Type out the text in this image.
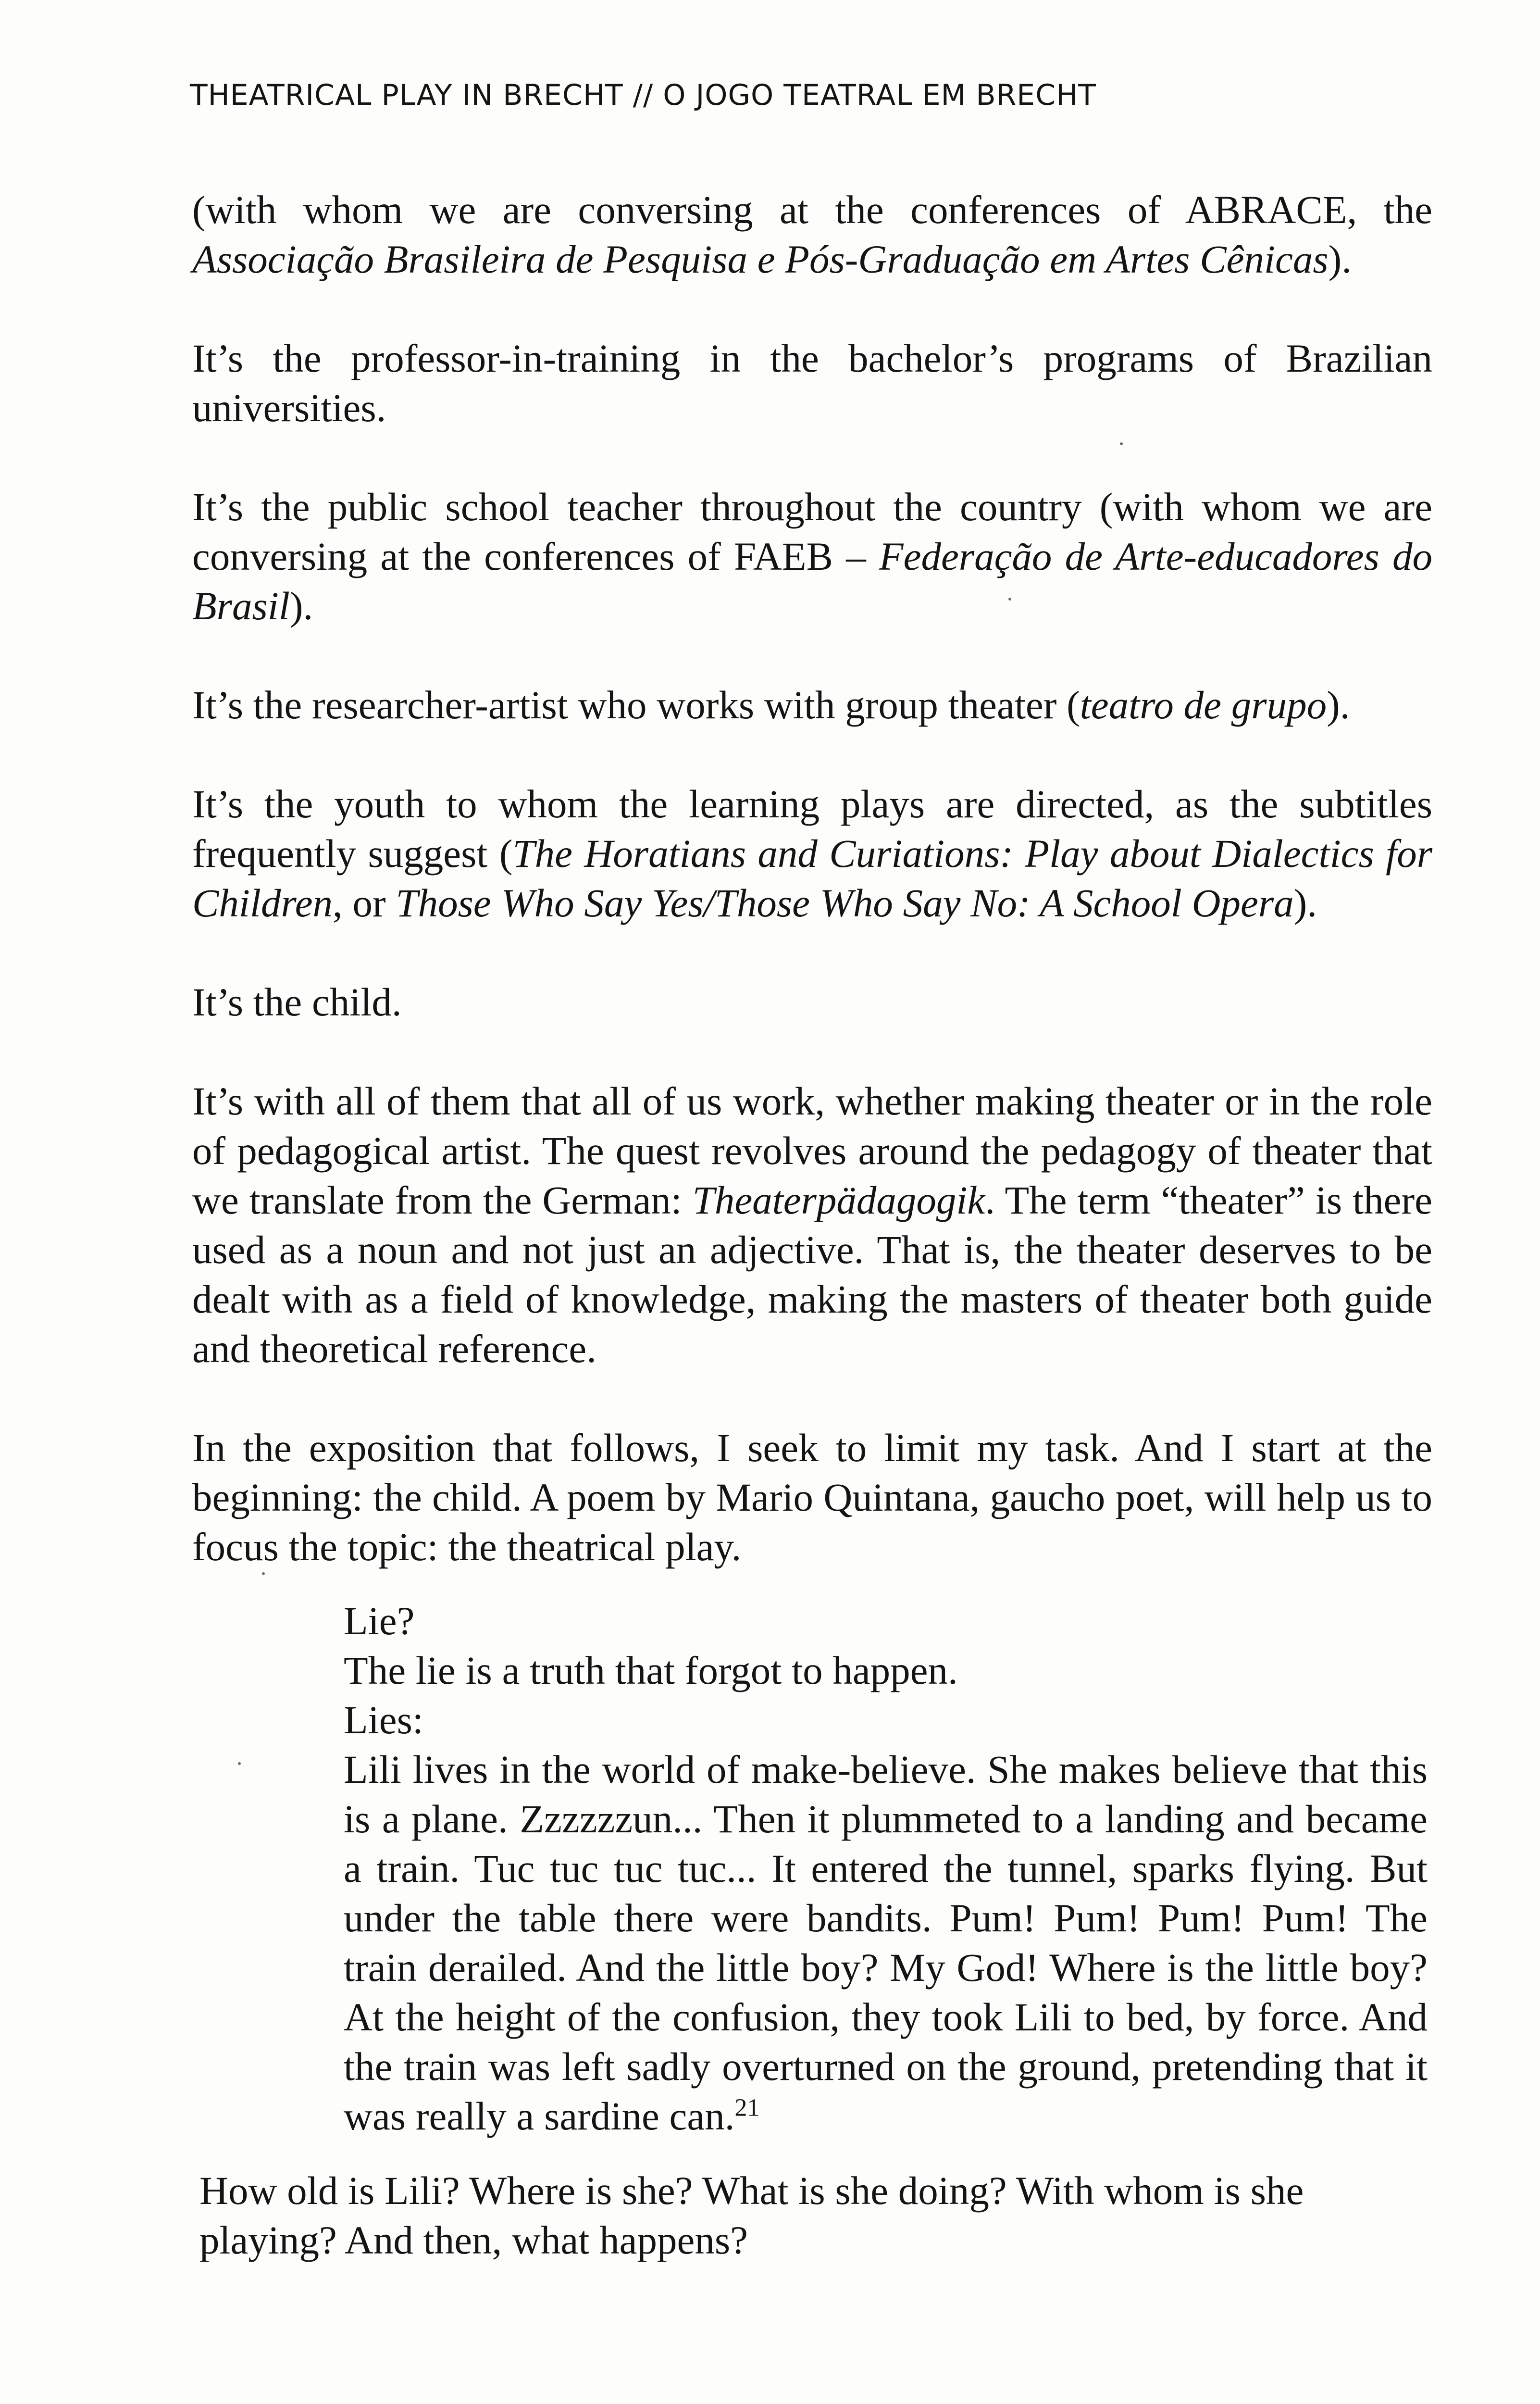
THEATRICAL PLAY IN BRECHT // O JOGO TEATRAL EM BRECHT

(with whom we are conversing at the conferences of ABRACE, the Associação Brasileira de Pesquisa e Pós-Graduação em Artes Cênicas).

It’s the professor-in-training in the bachelor’s programs of Brazilian universities.

It’s the public school teacher throughout the country (with whom we are conversing at the conferences of FAEB – Federação de Arte-educadores do Brasil).

It’s the researcher-artist who works with group theater (teatro de grupo).

It’s the youth to whom the learning plays are directed, as the subtitles frequently suggest (The Horatians and Curiations: Play about Dialectics for Children, or Those Who Say Yes/Those Who Say No: A School Opera).

It’s the child.

It’s with all of them that all of us work, whether making theater or in the role of pedagogical artist. The quest revolves around the pedagogy of theater that we translate from the German: Theaterpädagogik. The term “theater” is there used as a noun and not just an adjective. That is, the theater deserves to be dealt with as a field of knowledge, making the masters of theater both guide and theoretical reference.

In the exposition that follows, I seek to limit my task. And I start at the beginning: the child. A poem by Mario Quintana, gaucho poet, will help us to focus the topic: the theatrical play.

Lie?
The lie is a truth that forgot to happen.
Lies:
Lili lives in the world of make-believe. She makes believe that this is a plane. Zzzzzzun... Then it plummeted to a landing and became a train. Tuc tuc tuc tuc... It entered the tunnel, sparks flying. But under the table there were bandits. Pum! Pum! Pum! Pum! The train derailed. And the little boy? My God! Where is the little boy? At the height of the confusion, they took Lili to bed, by force. And the train was left sadly overturned on the ground, pretending that it was really a sardine can.$^{21}$

How old is Lili? Where is she? What is she doing? With whom is she playing? And then, what happens?
